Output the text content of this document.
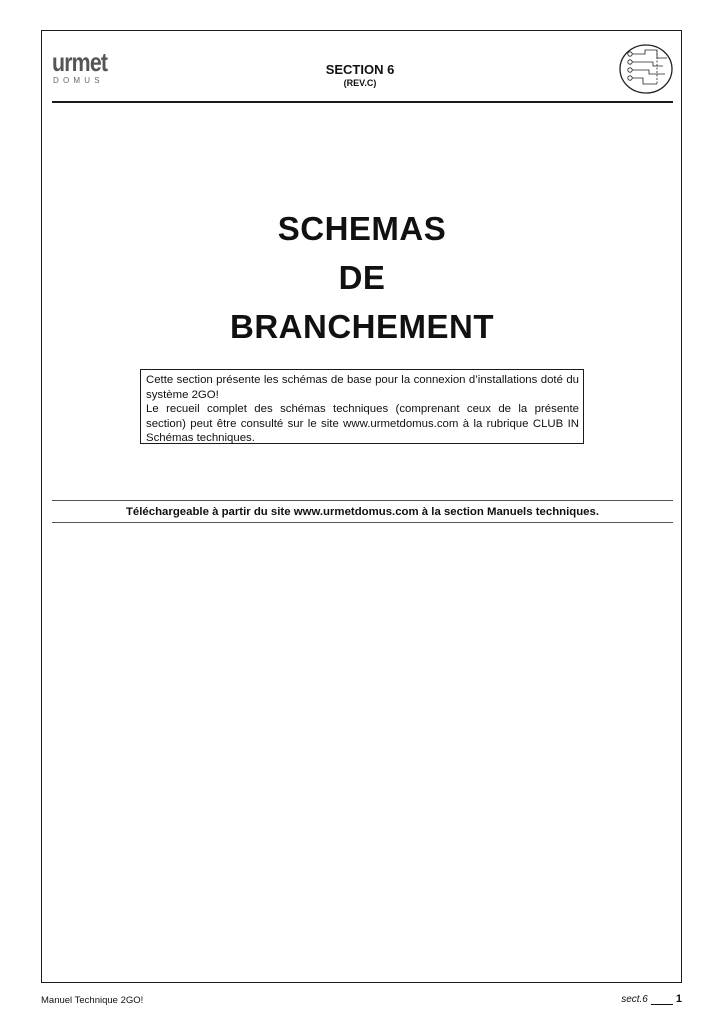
urmet
DOMUS
SECTION 6
(REV.C)
SCHEMAS
DE
BRANCHEMENT

Cette section présente les schémas de base pour la connexion d’installations doté du système 2GO!

Le recueil complet des schémas techniques (comprenant ceux de la présente section) peut être consulté sur le site www.urmetdomus.com à la rubrique CLUB IN Schémas techniques.

Téléchargeable à partir du site www.urmetdomus.com à la section Manuels techniques.
Manuel Technique 2GO!	sect.6	1
